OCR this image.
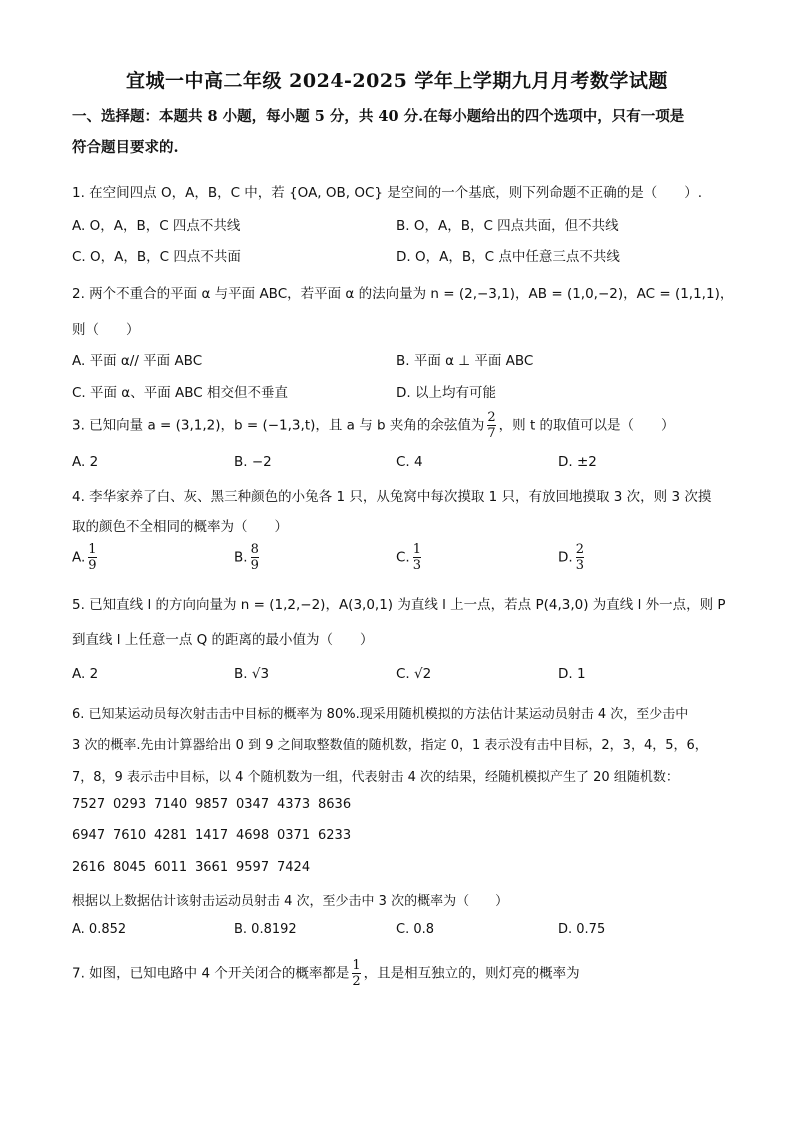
宜城一中高二年级 2024-2025 学年上学期九月月考数学试题
一、选择题：本题共 8 小题，每小题 5 分，共 40 分.在每小题给出的四个选项中，只有一项是
符合题目要求的.
1. 在空间四点 O，A，B，C 中，若 {OA, OB, OC} 是空间的一个基底，则下列命题不正确的是（　　）.
A. O，A，B，C 四点不共线	B. O，A，B，C 四点共面，但不共线
C. O，A，B，C 四点不共面	D. O，A，B，C 点中任意三点不共线
2. 两个不重合的平面 α 与平面 ABC，若平面 α 的法向量为 n = (2,−3,1)，AB = (1,0,−2)，AC = (1,1,1)，
则（　　）
A. 平面 α// 平面 ABC	B. 平面 α ⊥ 平面 ABC
C. 平面 α、平面 ABC 相交但不垂直	D. 以上均有可能
3. 已知向量 a = (3,1,2)，b = (−1,3,t)，且 a 与 b 夹角的余弦值为 $\frac{2}{7}$ ，则 t 的取值可以是（　　）
A. 2	B. −2	C. 4	D. ±2
4. 李华家养了白、灰、黑三种颜色的小兔各 1 只，从兔窝中每次摸取 1 只，有放回地摸取 3 次，则 3 次摸
取的颜色不全相同的概率为（　　）
A. $\frac{1}{9}$	B. $\frac{8}{9}$	C. $\frac{1}{3}$	D. $\frac{2}{3}$
5. 已知直线 l 的方向向量为 n = (1,2,−2)，A(3,0,1) 为直线 l 上一点，若点 P(4,3,0) 为直线 l 外一点，则 P
到直线 l 上任意一点 Q 的距离的最小值为（　　）
A. 2	B. √3	C. √2	D. 1
6. 已知某运动员每次射击击中目标的概率为 80%.现采用随机模拟的方法估计某运动员射击 4 次，至少击中
3 次的概率.先由计算器给出 0 到 9 之间取整数值的随机数，指定 0，1 表示没有击中目标，2，3，4，5，6，
7，8，9 表示击中目标，以 4 个随机数为一组，代表射击 4 次的结果，经随机模拟产生了 20 组随机数：
7527 0293 7140 9857 0347 4373 8636
6947 7610 4281 1417 4698 0371 6233
2616 8045 6011 3661 9597 7424
根据以上数据估计该射击运动员射击 4 次，至少击中 3 次的概率为（　　）
A. 0.852	B. 0.8192	C. 0.8	D. 0.75
7. 如图，已知电路中 4 个开关闭合的概率都是 $\frac{1}{2}$ ，且是相互独立的，则灯亮的概率为
